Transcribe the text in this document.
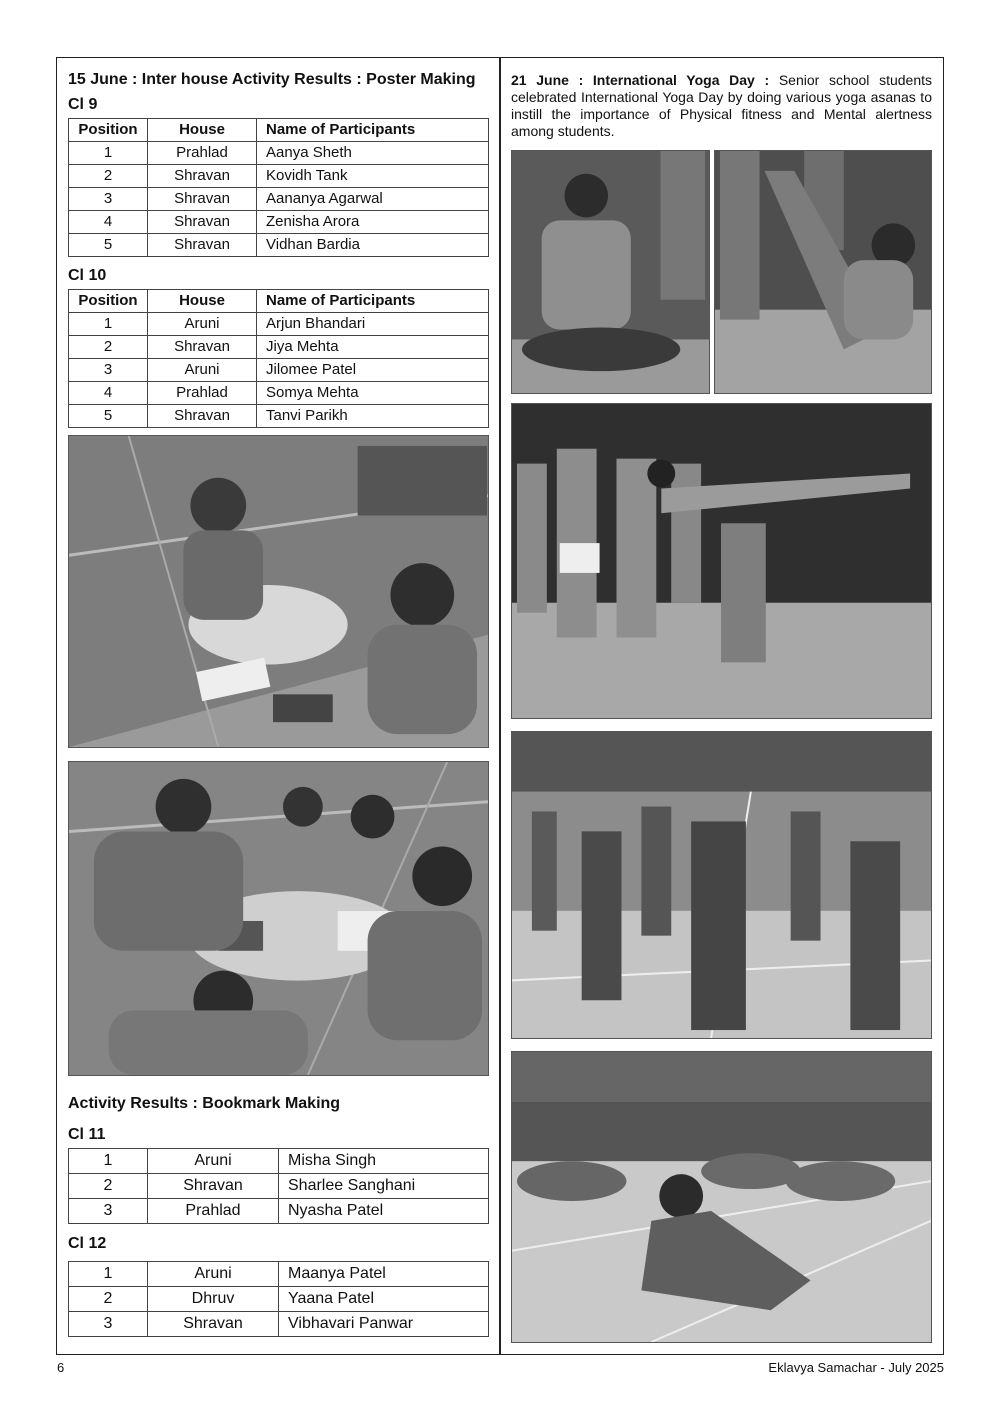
15 June : Inter house Activity Results : Poster Making

Cl 9

Position	House	Name of Participants
1	Prahlad	Aanya Sheth
2	Shravan	Kovidh Tank
3	Shravan	Aananya Agarwal
4	Shravan	Zenisha Arora
5	Shravan	Vidhan Bardia

Cl 10

Position	House	Name of Participants
1	Aruni	Arjun Bhandari
2	Shravan	Jiya Mehta
3	Aruni	Jilomee Patel
4	Prahlad	Somya Mehta
5	Shravan	Tanvi Parikh

Activity Results : Bookmark Making

Cl 11

1	Aruni	Misha Singh
2	Shravan	Sharlee Sanghani
3	Prahlad	Nyasha Patel

Cl 12

1	Aruni	Maanya Patel
2	Dhruv	Yaana Patel
3	Shravan	Vibhavari Panwar

21 June : International Yoga Day : Senior school students celebrated International Yoga Day by doing various yoga asanas to instill the importance of Physical fitness and Mental alertness among students.

6	Eklavya Samachar - July 2025
